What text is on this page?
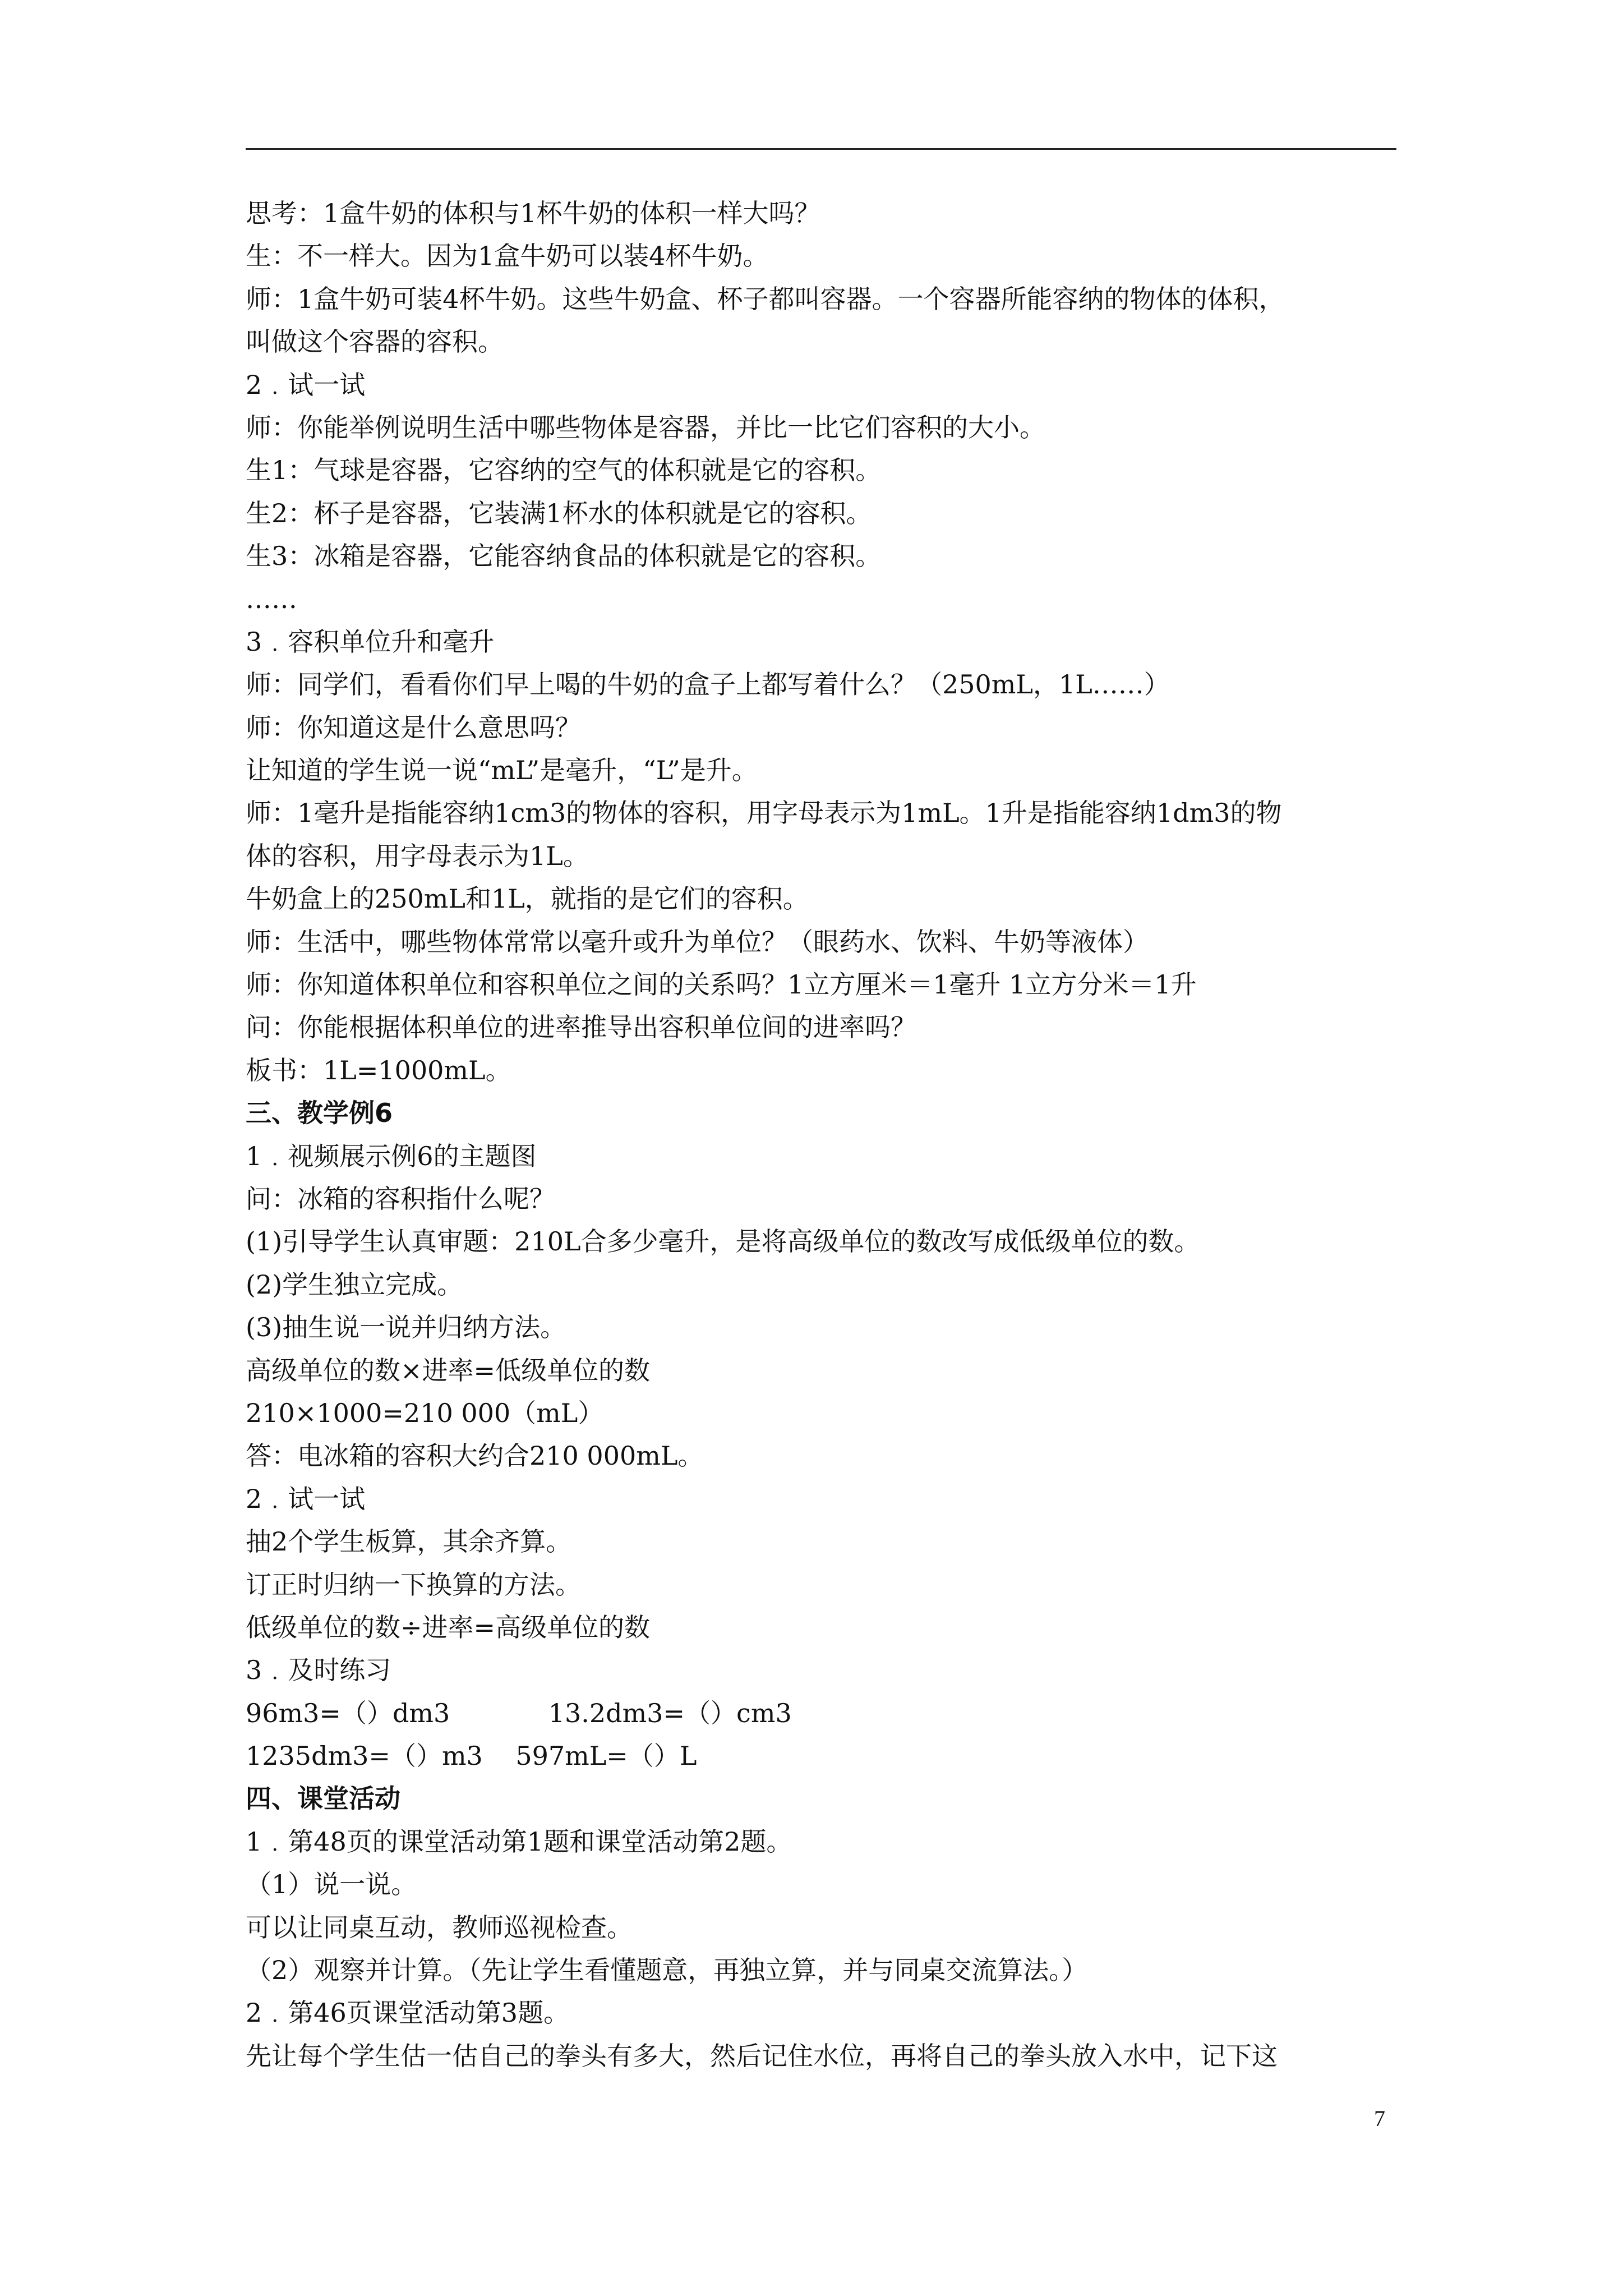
思考：1盒牛奶的体积与1杯牛奶的体积一样大吗？
生：不一样大。因为1盒牛奶可以装4杯牛奶。
师：1盒牛奶可装4杯牛奶。这些牛奶盒、杯子都叫容器。一个容器所能容纳的物体的体积，
叫做这个容器的容积。
2﹒试一试
师：你能举例说明生活中哪些物体是容器，并比一比它们容积的大小。
生1：气球是容器，它容纳的空气的体积就是它的容积。
生2：杯子是容器，它装满1杯水的体积就是它的容积。
生3：冰箱是容器，它能容纳食品的体积就是它的容积。
……
3﹒容积单位升和毫升
师：同学们，看看你们早上喝的牛奶的盒子上都写着什么？（250mL，1L……）
师：你知道这是什么意思吗？
让知道的学生说一说“mL”是毫升，“L”是升。
师：1毫升是指能容纳1cm3的物体的容积，用字母表示为1mL。1升是指能容纳1dm3的物
体的容积，用字母表示为1L。
牛奶盒上的250mL和1L，就指的是它们的容积。
师：生活中，哪些物体常常以毫升或升为单位？（眼药水、饮料、牛奶等液体）
师：你知道体积单位和容积单位之间的关系吗？1立方厘米＝1毫升 1立方分米＝1升
问：你能根据体积单位的进率推导出容积单位间的进率吗？
板书：1L=1000mL。
三、教学例6
1﹒视频展示例6的主题图
问：冰箱的容积指什么呢？
(1)引导学生认真审题：210L合多少毫升，是将高级单位的数改写成低级单位的数。
(2)学生独立完成。
(3)抽生说一说并归纳方法。
高级单位的数×进率=低级单位的数
210×1000=210 000（mL）
答：电冰箱的容积大约合210 000mL。
2﹒试一试
抽2个学生板算，其余齐算。
订正时归纳一下换算的方法。
低级单位的数÷进率=高级单位的数
3﹒及时练习
96m3=（）dm3            13.2dm3=（）cm3
1235dm3=（）m3    597mL=（）L
四、课堂活动
1﹒第48页的课堂活动第1题和课堂活动第2题。
（1）说一说。
可以让同桌互动，教师巡视检查。
（2）观察并计算。（先让学生看懂题意，再独立算，并与同桌交流算法。）
2﹒第46页课堂活动第3题。
先让每个学生估一估自己的拳头有多大，然后记住水位，再将自己的拳头放入水中，记下这
7
